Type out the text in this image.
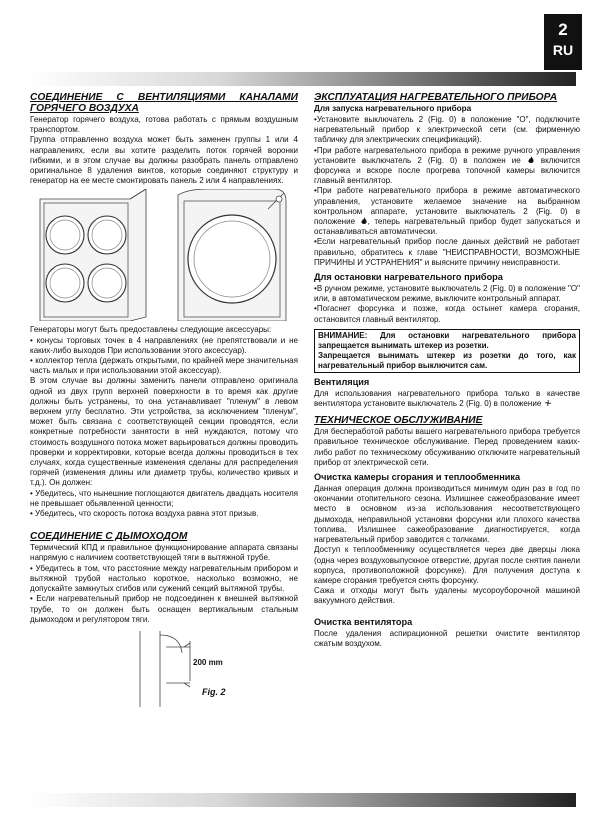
2
RU
СОЕДИНЕНИЕ С ВЕНТИЛЯЦИЯМИ КАНАЛАМИ ГОРЯЧЕГО ВОЗДУХА

Генератор горячего воздуха, готова работать с прямым воздушным транспортом.

Группа отправленно воздуха может быть заменен группы 1 или 4 направлениях, если вы хотите разделить поток горячей воронки гибкими, и в этом случае вы должны разобрать панель отправлено оригинальное 8 удаления винтов, которые соединяют структуру и генератор на ее месте смонтировать панель 2 или 4 направлениях.

Генераторы могут быть предоставлены следующие аксессуары:

• конусы торговых точек в 4 направлениях (не препятствовали и не каких-либо выходов При использовании этого аксессуар).

• коллектор тепла (держать открытыми, по крайней мере значительная часть малых и при использовании этой аксессуар).

В этом случае вы должны заменить панели отправлено оригинала одной из двух групп верхней поверхности в то время как другие должны быть устранены, то она устанавливает "пленум" в левом верхнем углу бесплатно. Эти устройства, за исключением "пленум", может быть связана с соответствующей секции проводятся, если конкретные потребности занятости в ней нуждаются, потому что стоимость воздушного потока может варьироваться должны проводить проверки и корректировки, которые всегда должны проводиться в тех случаях, когда существенные изменения сделаны для распределения горячей (изменения длины или диаметр трубы, количество кривых и т.д.). Он должен:

• Убедитесь, что нынешние поглощаются двигатель двадцать носителя не превышает обьявленной ценности;

• Убедитесь, что скорость потока воздуха равна этот призыв.

СОЕДИНЕНИЕ С ДЫМОХОДОМ

Термический КПД и правильное функционирование аппарата связаны напрямую с наличием соответствующей тяги в вытяжной трубе.

• Убедитесь в том, что расстояние между нагревательным прибором и вытяжной трубой настолько короткое, насколько возможно, не допускайте замкнутых сгибов или сужений секций вытяжной трубы.

• Если нагревательный прибор не подсоединен к внешней вытяжной трубе, то он должен быть оснащен вертикальным стальным дымоходом и регулятором тяги.

200 mm
Fig. 2
ЭКСПЛУАТАЦИЯ НАГРЕВАТЕЛЬНОГО ПРИБОРА
Для запуска нагревательного прибора

•Установите выключатель 2 (Fig. 0) в положение "О", подключите нагревательный прибор к электрической сети (см. фирменную табличку для электрических спецификаций).

•При работе нагревательного прибора в режиме ручного управления установите выключатель 2 (Fig. 0) в положен ие	включится форсунка и вскоре после прогрева топочной камеры включится главный вентилятор.

•При работе нагревательного прибора в режиме автоматического управления, установите желаемое значение на выбранном контрольном аппарате, установите выключатель 2 (Fig. 0) в положение , теперь нагревательный прибор будет запускаться и останавливаться автоматически.

•Если нагревательный прибор после данных действий не работает правильно, обратитесь к главе "НЕИСПРАВНОСТИ, ВОЗМОЖНЫЕ ПРИЧИНЫ И УСТРАНЕНИЯ" и выясните причину неисправности.

Для остановки нагревательного прибора

•В ручном режиме, установите выключатель 2 (Fig. 0) в положение "О" или, в автоматическом режиме, выключите контрольный аппарат.

•Погаснет форсунка и позже, когда остынет камера сгорания, остановится главный вентилятор.

ВНИМАНИЕ: Для остановки нагревательного прибора запрещается вынимать штекер из розетки.

Запрещается вынимать штекер из розетки до того, как нагревательный прибор выключится сам.

Вентиляция

Для использования нагревательного прибора только в качестве вентилятора установите выключатель 2 (Fig. 0) в положение

ТЕХНИЧЕСКОЕ ОБСЛУЖИВАНИЕ

Для беспеработой работы вашего нагревательного прибора требуется правильное техническое обслуживание. Перед проведением каких-либо работ по техническому обсуживанию отключите нагревательный прибор от электрической сети.

Очистка камеры сгорания и теплообменника

Данная операция должна производиться минимум один раз в год по окончании отопительного сезона. Излишнее сажеобразование имеет место в основном из-за использования несоответствующего дымохода, неправильной установки форсунки или плохого качества топлива. Излишнее сажеобразование диагностируется, когда нагревательный прибор заводится с толчками.

Доступ к теплообменнику осуществляется через две дверцы люка (одна через воздуховыпускное отверстие, другая после снятия панели корпуса, противоположной форсунке). Для получения доступа к камере сгорания требуется снять форсунку.

Сажа и отходы могут быть удалены мусороуборочной машиной вакуумного действия.

Очистка вентилятора

После удаления аспирационной решетки очистите вентилятор сжатым воздухом.
